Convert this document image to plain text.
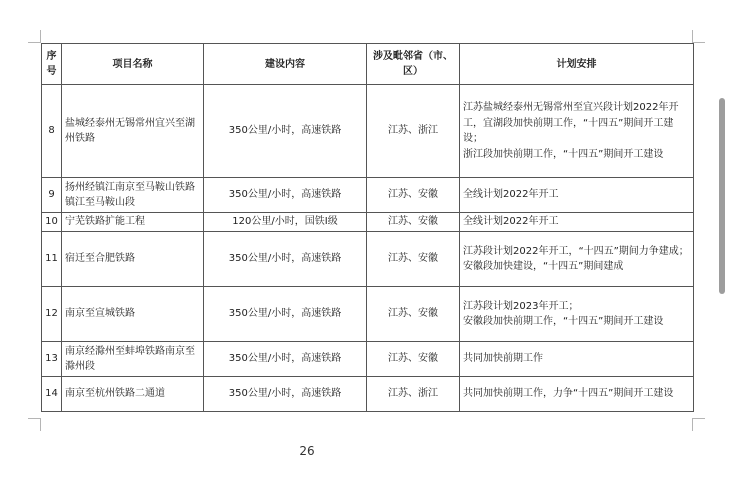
序号	项目名称	建设内容	涉及毗邻省（市、区）	计划安排
8	盐城经泰州无锡常州宜兴至湖州铁路	350公里/小时，高速铁路	江苏、浙江	江苏盐城经泰州无锡常州至宜兴段计划2022年开工，宜湖段加快前期工作，“十四五”期间开工建设；
浙江段加快前期工作，“十四五”期间开工建设

9	扬州经镇江南京至马鞍山铁路镇江至马鞍山段	350公里/小时，高速铁路	江苏、安徽	全线计划2022年开工

10	宁芜铁路扩能工程	120公里/小时，国铁Ⅰ级	江苏、安徽	全线计划2022年开工

11	宿迁至合肥铁路	350公里/小时，高速铁路	江苏、安徽	江苏段计划2022年开工，“十四五”期间力争建成；
安徽段加快建设，“十四五”期间建成

12	南京至宣城铁路	350公里/小时，高速铁路	江苏、安徽	江苏段计划2023年开工；
安徽段加快前期工作，“十四五”期间开工建设

13	南京经滁州至蚌埠铁路南京至滁州段	350公里/小时，高速铁路	江苏、安徽	共同加快前期工作

14	南京至杭州铁路二通道	350公里/小时，高速铁路	江苏、浙江	共同加快前期工作，力争“十四五”期间开工建设
26
